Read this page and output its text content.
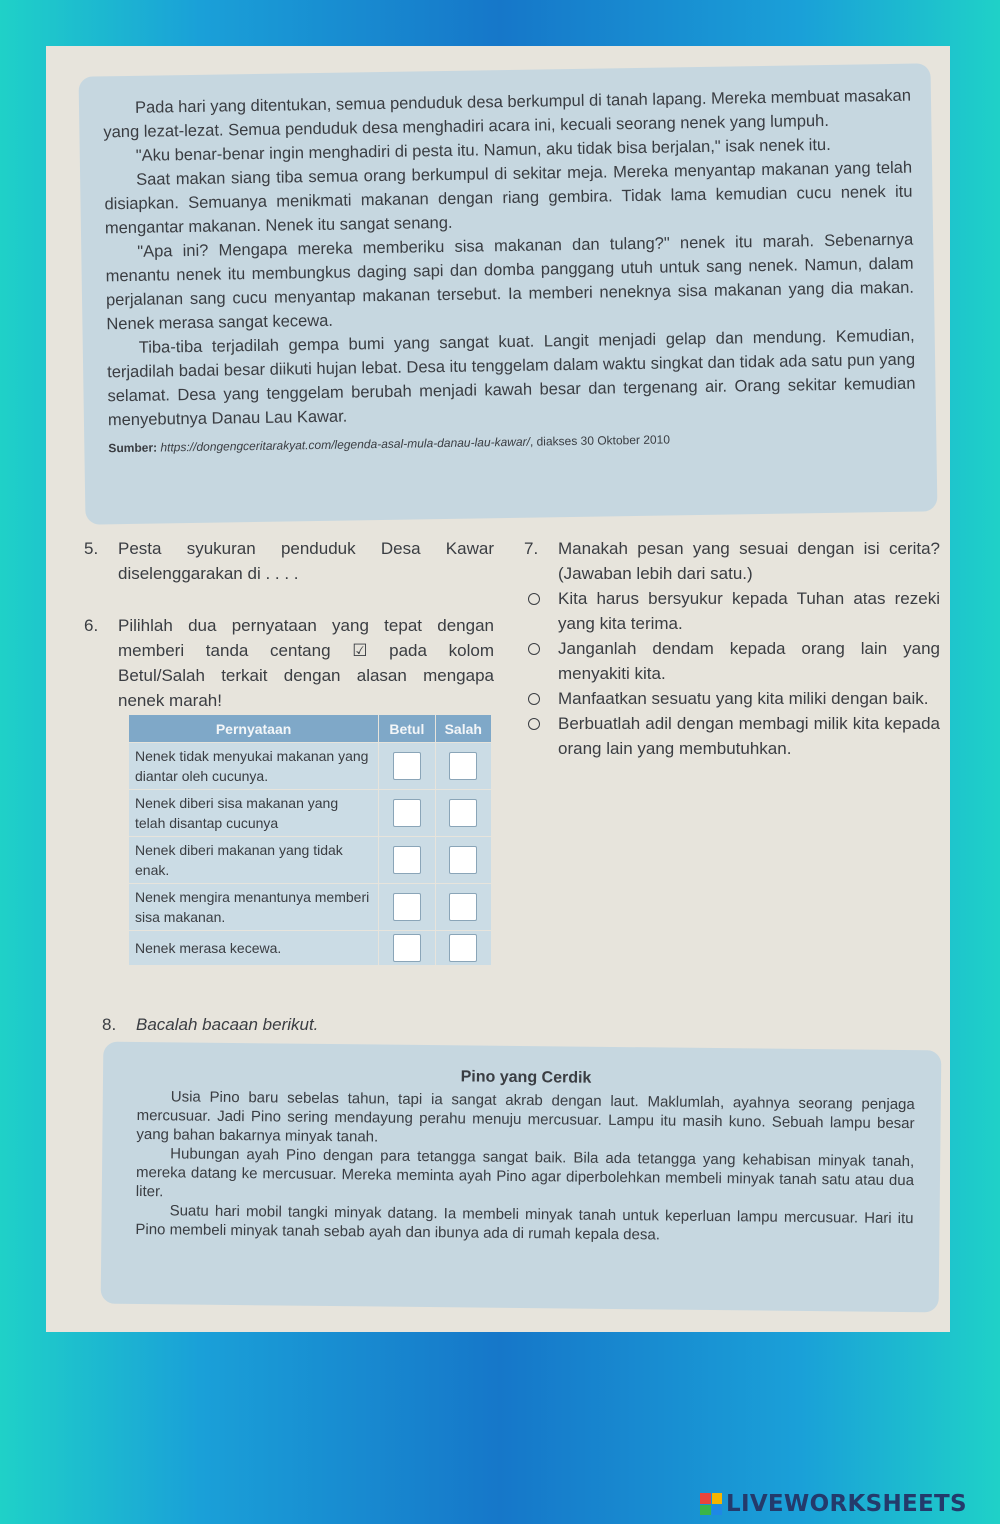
Pada hari yang ditentukan, semua penduduk desa berkumpul di tanah lapang. Mereka membuat masakan yang lezat-lezat. Semua penduduk desa menghadiri acara ini, kecuali seorang nenek yang lumpuh.

"Aku benar-benar ingin menghadiri di pesta itu. Namun, aku tidak bisa berjalan," isak nenek itu.

Saat makan siang tiba semua orang berkumpul di sekitar meja. Mereka menyantap makanan yang telah disiapkan. Semuanya menikmati makanan dengan riang gembira. Tidak lama kemudian cucu nenek itu mengantar makanan. Nenek itu sangat senang.

"Apa ini? Mengapa mereka memberiku sisa makanan dan tulang?" nenek itu marah. Sebenarnya menantu nenek itu membungkus daging sapi dan domba panggang utuh untuk sang nenek. Namun, dalam perjalanan sang cucu menyantap makanan tersebut. Ia memberi neneknya sisa makanan yang dia makan. Nenek merasa sangat kecewa.

Tiba-tiba terjadilah gempa bumi yang sangat kuat. Langit menjadi gelap dan mendung. Kemudian, terjadilah badai besar diikuti hujan lebat. Desa itu tenggelam dalam waktu singkat dan tidak ada satu pun yang selamat. Desa yang tenggelam berubah menjadi kawah besar dan tergenang air. Orang sekitar kemudian menyebutnya Danau Lau Kawar.

Sumber: https://dongengceritarakyat.com/legenda-asal-mula-danau-lau-kawar/, diakses 30 Oktober 2010
5. Pesta syukuran penduduk Desa Kawar diselenggarakan di . . . .
6. Pilihlah dua pernyataan yang tepat dengan memberi tanda centang ☑ pada kolom Betul/Salah terkait dengan alasan mengapa nenek marah!
Pernyataan	Betul	Salah
Nenek tidak menyukai makanan yang diantar oleh cucunya.		
Nenek diberi sisa makanan yang telah disantap cucunya		
Nenek diberi makanan yang tidak enak.		
Nenek mengira menantunya memberi sisa makanan.		
Nenek merasa kecewa.		
7. Manakah pesan yang sesuai dengan isi cerita? (Jawaban lebih dari satu.)
Kita harus bersyukur kepada Tuhan atas rezeki yang kita terima.
Janganlah dendam kepada orang lain yang menyakiti kita.
Manfaatkan sesuatu yang kita miliki dengan baik.
Berbuatlah adil dengan membagi milik kita kepada orang lain yang membutuhkan.
8. Bacalah bacaan berikut.
Pino yang Cerdik

Usia Pino baru sebelas tahun, tapi ia sangat akrab dengan laut. Maklumlah, ayahnya seorang penjaga mercusuar. Jadi Pino sering mendayung perahu menuju mercusuar. Lampu itu masih kuno. Sebuah lampu besar yang bahan bakarnya minyak tanah.

Hubungan ayah Pino dengan para tetangga sangat baik. Bila ada tetangga yang kehabisan minyak tanah, mereka datang ke mercusuar. Mereka meminta ayah Pino agar diperbolehkan membeli minyak tanah satu atau dua liter.

Suatu hari mobil tangki minyak datang. Ia membeli minyak tanah untuk keperluan lampu mercusuar. Hari itu Pino membeli minyak tanah sebab ayah dan ibunya ada di rumah kepala desa.

LIVEWORKSHEETS
